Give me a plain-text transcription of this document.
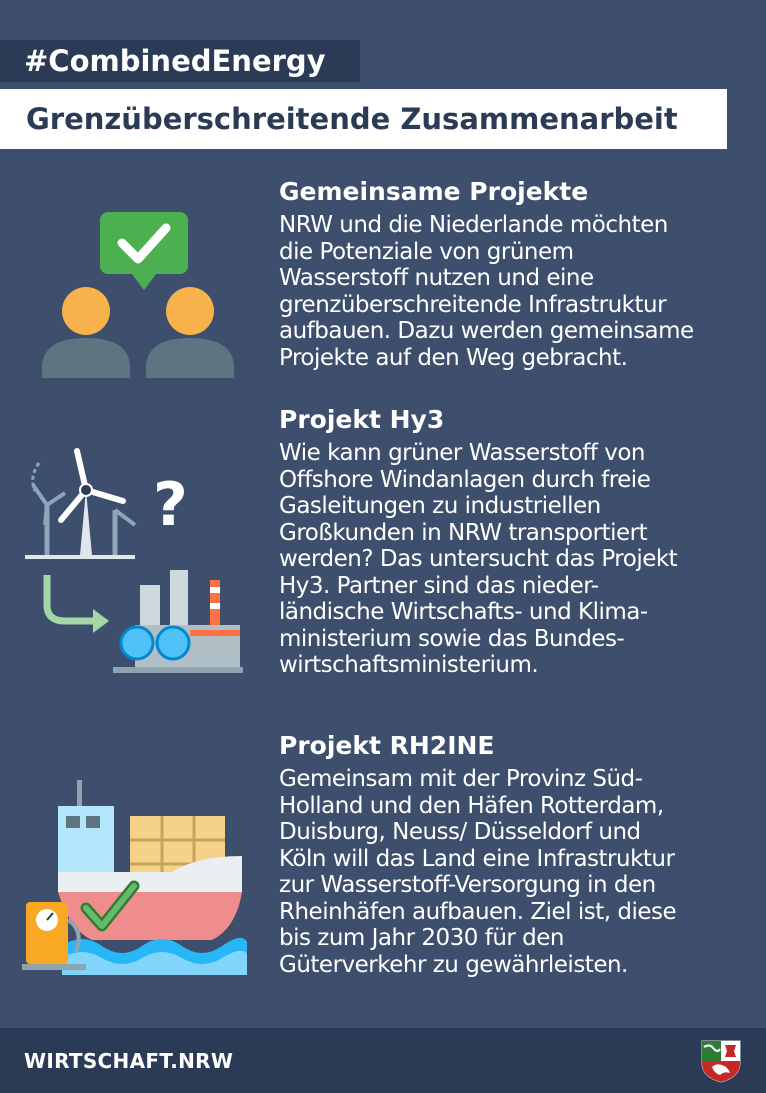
#CombinedEnergy
Grenzüberschreitende Zusammenarbeit
?
Gemeinsame Projekte

NRW und die Niederlande möchten
die Potenziale von grünem
Wasserstoff nutzen und eine
grenzüberschreitende Infrastruktur
aufbauen. Dazu werden gemeinsame
Projekte auf den Weg gebracht.

Projekt Hy3

Wie kann grüner Wasserstoff von
Offshore Windanlagen durch freie
Gasleitungen zu industriellen
Großkunden in NRW transportiert
werden? Das untersucht das Projekt
Hy3. Partner sind das nieder-
ländische Wirtschafts- und Klima-
ministerium sowie das Bundes-
wirtschaftsministerium.

Projekt RH2INE

Gemeinsam mit der Provinz Süd-
Holland und den Häfen Rotterdam,
Duisburg, Neuss/ Düsseldorf und
Köln will das Land eine Infrastruktur
zur Wasserstoff-Versorgung in den
Rheinhäfen aufbauen. Ziel ist, diese
bis zum Jahr 2030 für den
Güterverkehr zu gewährleisten.

WIRTSCHAFT.NRW
